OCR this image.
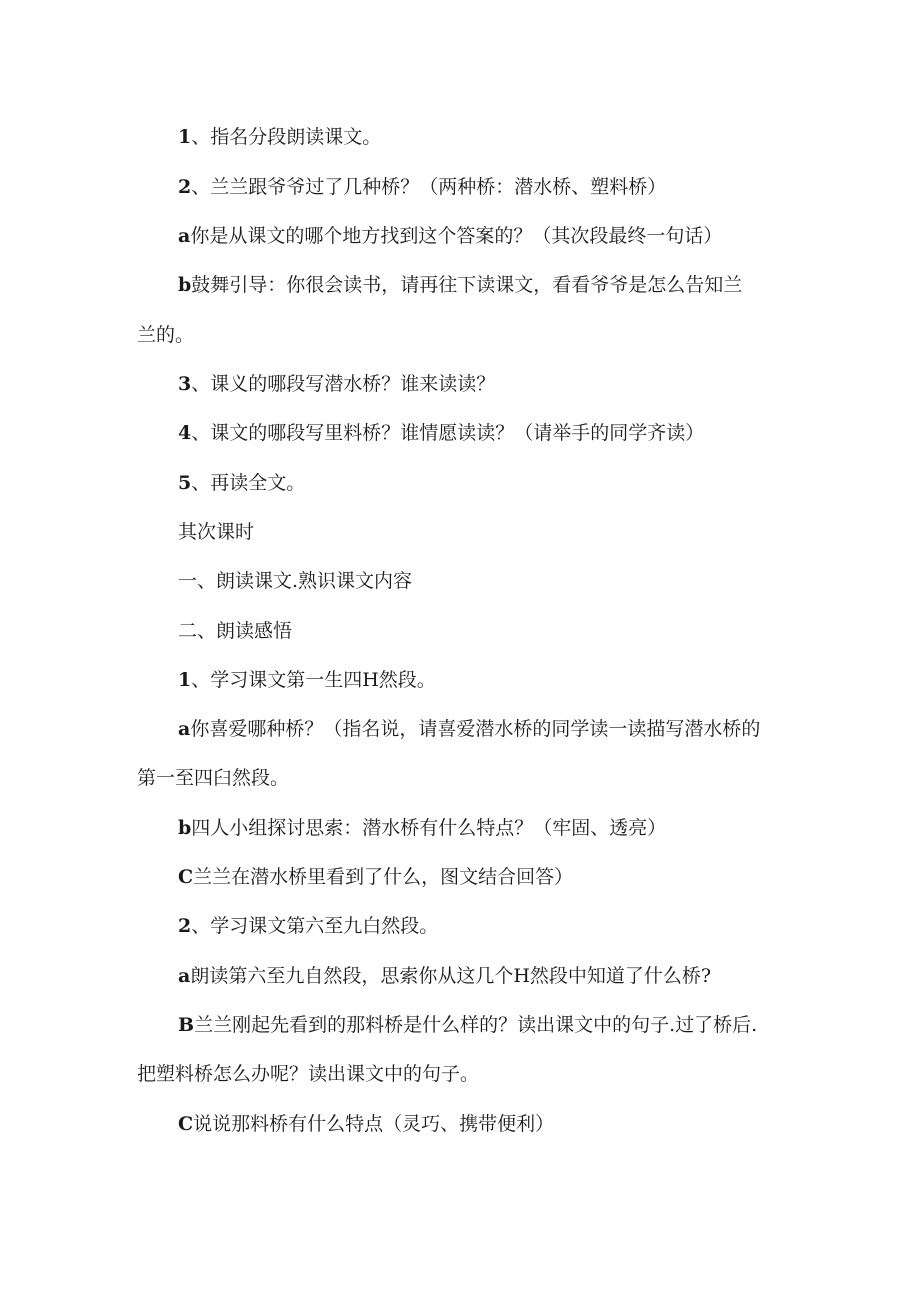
1、指名分段朗读课文。
2、兰兰跟爷爷过了几种桥？（两种桥：潜水桥、塑料桥）
a你是从课文的哪个地方找到这个答案的？（其次段最终一句话）
b鼓舞引导：你很会读书，请再往下读课文，看看爷爷是怎么告知兰
兰的。
3、课义的哪段写潜水桥？谁来读读？
4、课文的哪段写里料桥？谁情愿读读？（请举手的同学齐读）
5、再读全文。
其次课时
一、朗读课文.熟识课文内容
二、朗读感悟
1、学习课文第一生四H然段。
a你喜爱哪种桥？（指名说，请喜爱潜水桥的同学读一读描写潜水桥的
第一至四臼然段。
b四人小组探讨思索：潜水桥有什么特点？（牢固、透亮）
C兰兰在潜水桥里看到了什么，图文结合回答）
2、学习课文第六至九白然段。
a朗读第六至九自然段，思索你从这几个H然段中知道了什么桥?
B兰兰刚起先看到的那料桥是什么样的？读出课文中的句子.过了桥后.
把塑料桥怎么办呢？读出课文中的句子。
C说说那料桥有什么特点（灵巧、携带便利）
